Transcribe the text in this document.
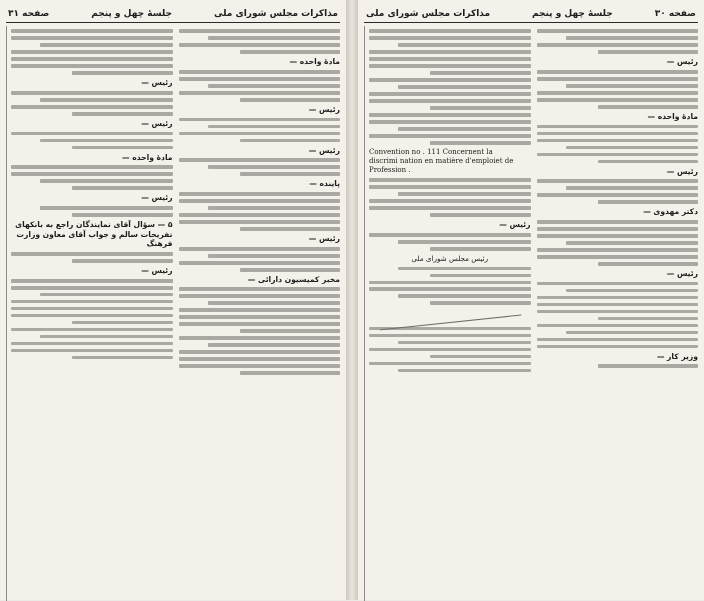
صفحه ۳۰
جلسهٔ چهل و پنجم
مذاکرات مجلس شورای ملی
رئیس —
مادهٔ واحده —
رئیس —
دکتر مهدوی —
رئیس —
وزیر کار —
Convention no . 111 Concernent la
discrimi nation en matière d'emploiet de
Profession .
رئیس —
رئیس مجلس شورای ملی
مذاکرات مجلس شورای ملی
جلسهٔ چهل و پنجم
صفحه ۳۱
مادهٔ واحده —
رئیس —
رئیس —
پاینده —
رئیس —
مخبر کمیسیون دارائی —
رئیس —
رئیس —
مادهٔ واحده —
رئیس —
۵ — سؤال آقای نمایندگان راجع به بانکهای تفریحات سالم و جواب آقای معاون وزارت فرهنگ
رئیس —
